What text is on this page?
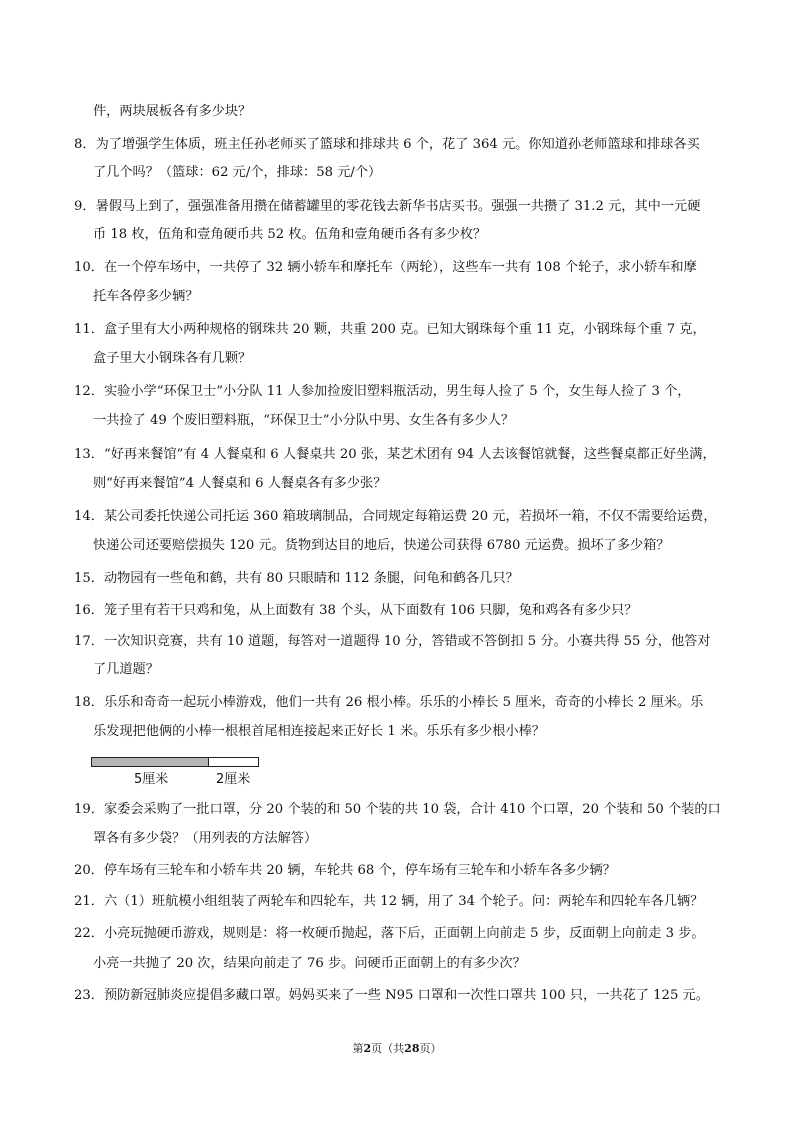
件，两块展板各有多少块？
8．为了增强学生体质，班主任孙老师买了篮球和排球共 6 个，花了 364 元。你知道孙老师篮球和排球各买
了几个吗？（篮球：62 元/个，排球：58 元/个）
9．暑假马上到了，强强准备用攒在储蓄罐里的零花钱去新华书店买书。强强一共攒了 31.2 元，其中一元硬
币 18 枚，伍角和壹角硬币共 52 枚。伍角和壹角硬币各有多少枚？
10．在一个停车场中，一共停了 32 辆小轿车和摩托车（两轮），这些车一共有 108 个轮子，求小轿车和摩
托车各停多少辆？
11．盒子里有大小两种规格的钢珠共 20 颗，共重 200 克。已知大钢珠每个重 11 克，小钢珠每个重 7 克，
盒子里大小钢珠各有几颗？
12．实验小学“环保卫士”小分队 11 人参加捡废旧塑料瓶活动，男生每人捡了 5 个，女生每人捡了 3 个，
一共捡了 49 个废旧塑料瓶，“环保卫士”小分队中男、女生各有多少人？
13．“好再来餐馆”有 4 人餐桌和 6 人餐桌共 20 张，某艺术团有 94 人去该餐馆就餐，这些餐桌都正好坐满，
则“好再来餐馆”4 人餐桌和 6 人餐桌各有多少张？
14．某公司委托快递公司托运 360 箱玻璃制品，合同规定每箱运费 20 元，若损坏一箱，不仅不需要给运费，
快递公司还要赔偿损失 120 元。货物到达目的地后，快递公司获得 6780 元运费。损坏了多少箱？
15．动物园有一些龟和鹤，共有 80 只眼睛和 112 条腿，问龟和鹤各几只？
16．笼子里有若干只鸡和兔，从上面数有 38 个头，从下面数有 106 只脚，兔和鸡各有多少只？
17．一次知识竞赛，共有 10 道题，每答对一道题得 10 分，答错或不答倒扣 5 分。小赛共得 55 分，他答对
了几道题？
18．乐乐和奇奇一起玩小棒游戏，他们一共有 26 根小棒。乐乐的小棒长 5 厘米，奇奇的小棒长 2 厘米。乐
乐发现把他俩的小棒一根根首尾相连接起来正好长 1 米。乐乐有多少根小棒？
5厘米	2厘米
19．家委会采购了一批口罩，分 20 个装的和 50 个装的共 10 袋，合计 410 个口罩，20 个装和 50 个装的口
罩各有多少袋？（用列表的方法解答）
20．停车场有三轮车和小轿车共 20 辆，车轮共 68 个，停车场有三轮车和小轿车各多少辆？
21．六（1）班航模小组组装了两轮车和四轮车，共 12 辆，用了 34 个轮子。问：两轮车和四轮车各几辆？
22．小亮玩抛硬币游戏，规则是：将一枚硬币抛起，落下后，正面朝上向前走 5 步，反面朝上向前走 3 步。
小亮一共抛了 20 次，结果向前走了 76 步。问硬币正面朝上的有多少次？
23．预防新冠肺炎应提倡多藏口罩。妈妈买来了一些 N95 口罩和一次性口罩共 100 只，一共花了 125 元。
第2页（共28页）
